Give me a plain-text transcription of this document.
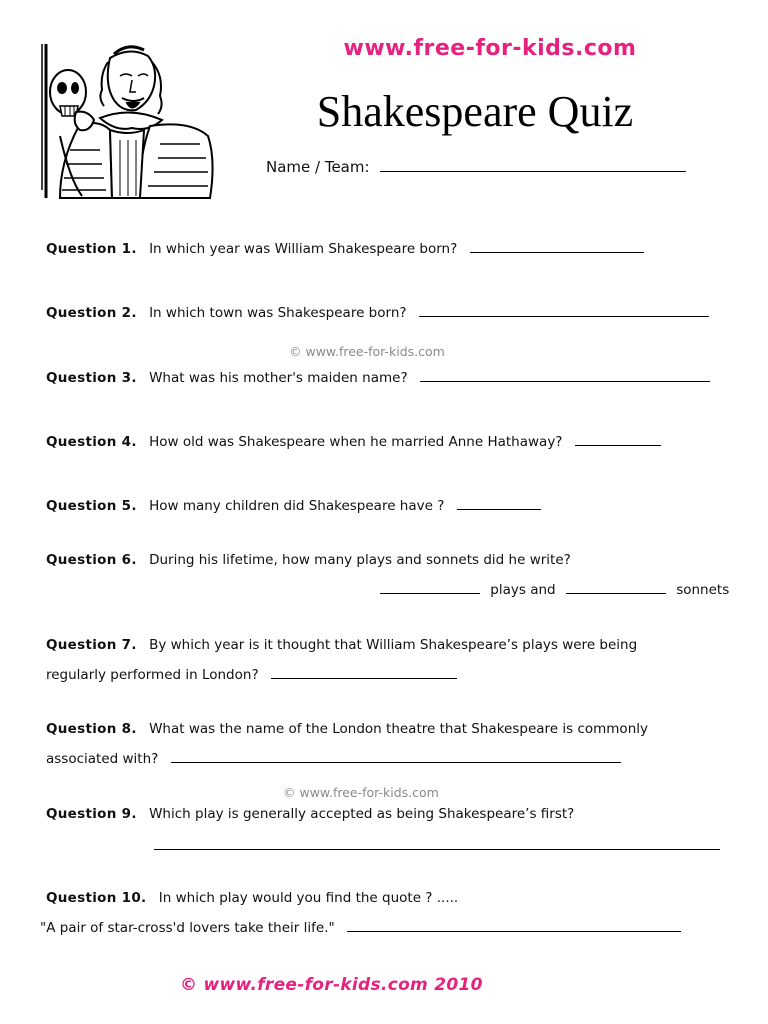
www.free-for-kids.com
Shakespeare Quiz
Name / Team:
Question 1. In which year was William Shakespeare born?
Question 2. In which town was Shakespeare born?
© www.free-for-kids.com
Question 3. What was his mother's maiden name?
Question 4. How old was Shakespeare when he married Anne Hathaway?
Question 5. How many children did Shakespeare have ?
Question 6. During his lifetime, how many plays and sonnets did he write?
plays and	sonnets
Question 7. By which year is it thought that William Shakespeare’s plays were being
regularly performed in London?
Question 8. What was the name of the London theatre that Shakespeare is commonly
associated with?
© www.free-for-kids.com
Question 9. Which play is generally accepted as being Shakespeare’s first?
Question 10. In which play would you find the quote ? .....
"A pair of star-cross'd lovers take their life."
© www.free-for-kids.com 2010
